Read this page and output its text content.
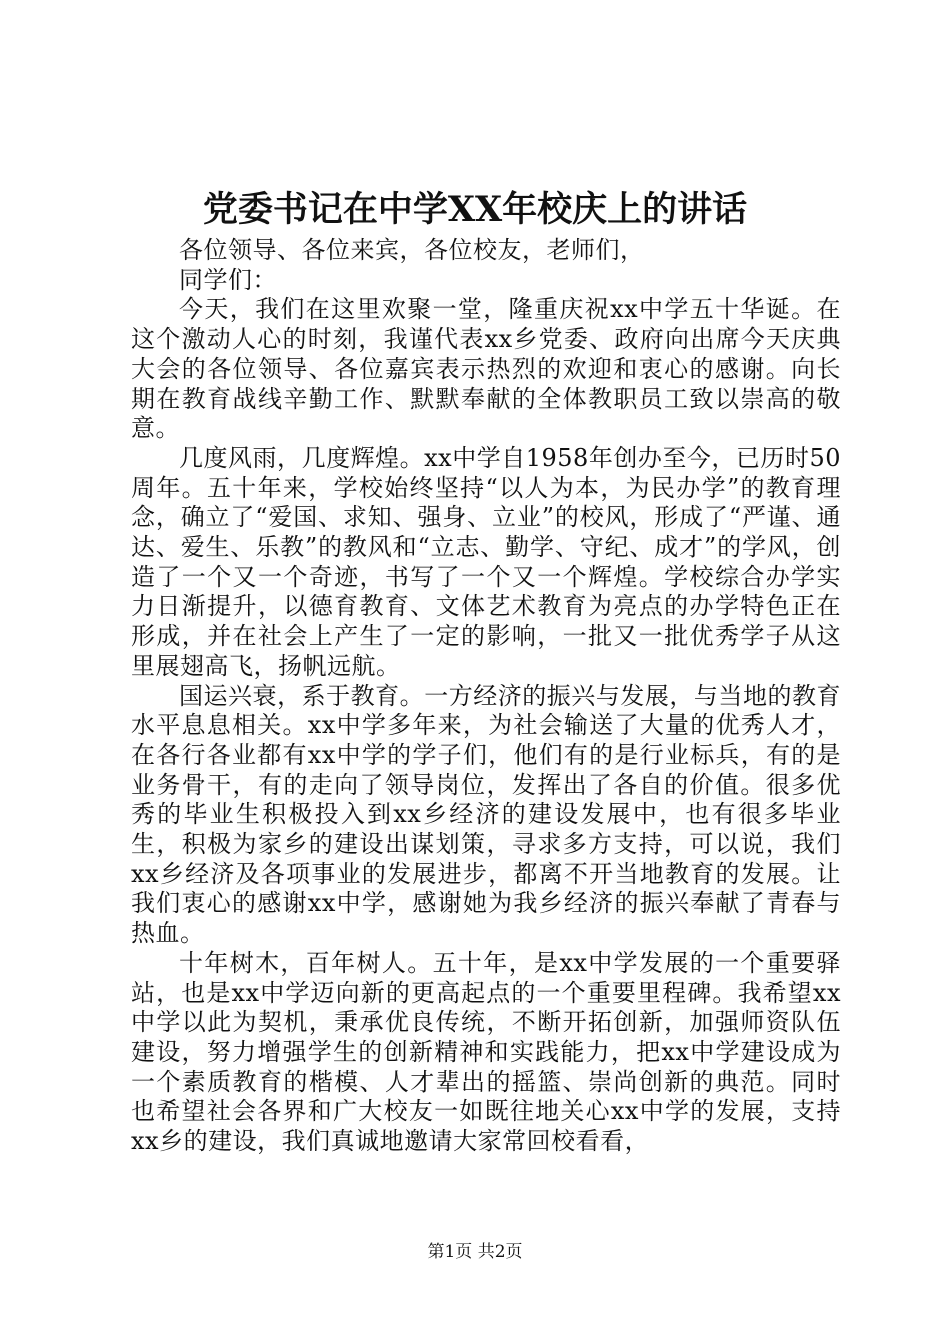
党委书记在中学XX年校庆上的讲话

各位领导、各位来宾，各位校友，老师们，

同学们：

今天，我们在这里欢聚一堂，隆重庆祝xx中学五十华诞。在这个激动人心的时刻，我谨代表xx乡党委、政府向出席今天庆典大会的各位领导、各位嘉宾表示热烈的欢迎和衷心的感谢。向长期在教育战线辛勤工作、默默奉献的全体教职员工致以崇高的敬意。

几度风雨，几度辉煌。xx中学自1958年创办至今，已历时50周年。五十年来，学校始终坚持“以人为本，为民办学”的教育理念，确立了“爱国、求知、强身、立业”的校风，形成了“严谨、通达、爱生、乐教”的教风和“立志、勤学、守纪、成才”的学风，创造了一个又一个奇迹，书写了一个又一个辉煌。学校综合办学实力日渐提升，以德育教育、文体艺术教育为亮点的办学特色正在形成，并在社会上产生了一定的影响，一批又一批优秀学子从这里展翅高飞，扬帆远航。

国运兴衰，系于教育。一方经济的振兴与发展，与当地的教育水平息息相关。xx中学多年来，为社会输送了大量的优秀人才，在各行各业都有xx中学的学子们，他们有的是行业标兵，有的是业务骨干，有的走向了领导岗位，发挥出了各自的价值。很多优秀的毕业生积极投入到xx乡经济的建设发展中，也有很多毕业生，积极为家乡的建设出谋划策，寻求多方支持，可以说，我们xx乡经济及各项事业的发展进步，都离不开当地教育的发展。让我们衷心的感谢xx中学，感谢她为我乡经济的振兴奉献了青春与热血。

十年树木，百年树人。五十年，是xx中学发展的一个重要驿站，也是xx中学迈向新的更高起点的一个重要里程碑。我希望xx中学以此为契机，秉承优良传统，不断开拓创新，加强师资队伍建设，努力增强学生的创新精神和实践能力，把xx中学建设成为一个素质教育的楷模、人才辈出的摇篮、崇尚创新的典范。同时也希望社会各界和广大校友一如既往地关心xx中学的发展，支持xx乡的建设，我们真诚地邀请大家常回校看看，

第1页 共2页
